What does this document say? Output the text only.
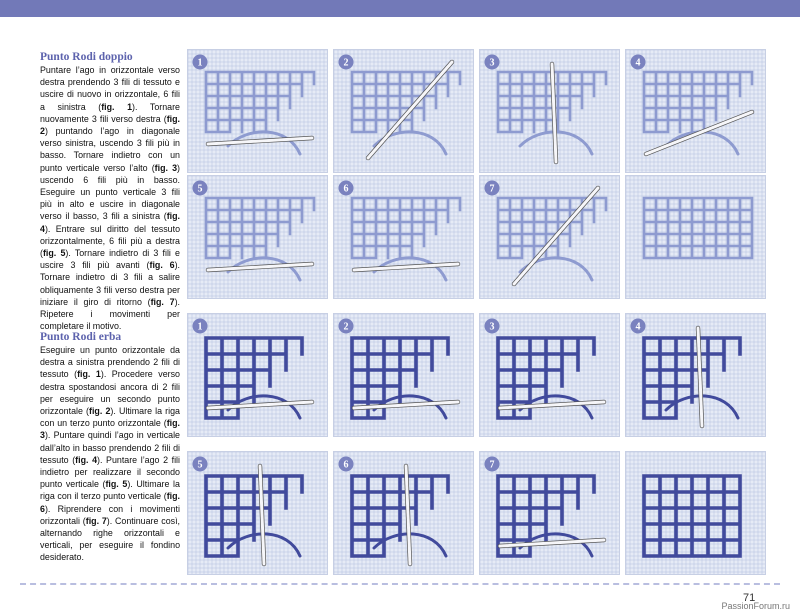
Punto Rodi doppio

Puntare l’ago in orizzontale verso destra prendendo 3 fili di tessuto e uscire di nuovo in orizzontale, 6 fili a sinistra (fig. 1). Tornare nuovamente 3 fili verso destra (fig. 2) puntando l’ago in diagonale verso sinistra, uscendo 3 fili più in basso. Tornare indietro con un punto verticale verso l’alto (fig. 3) uscendo 6 fili più in basso. Eseguire un punto verticale 3 fili più in alto e uscire in diagonale verso il basso, 3 fili a sinistra (fig. 4). Entrare sul diritto del tessuto orizzontalmente, 6 fili più a destra (fig. 5). Tornare indietro di 3 fili e uscire 3 fili più avanti (fig. 6). Tornare indietro di 3 fili a salire obliquamente 3 fili verso destra per iniziare il giro di ritorno (fig. 7). Ripetere i movimenti per completare il motivo.

Punto Rodi erba

Eseguire un punto orizzontale da destra a sinistra prendendo 2 fili di tessuto (fig. 1). Procedere verso destra spostandosi ancora di 2 fili per eseguire un secondo punto orizzontale (fig. 2). Ultimare la riga con un terzo punto orizzontale (fig. 3). Puntare quindi l’ago in verticale dall’alto in basso prendendo 2 fili di tessuto (fig. 4). Puntare l’ago 2 fili indietro per realizzare il secondo punto verticale (fig. 5). Ultimare la riga con il terzo punto verticale (fig. 6). Riprendere con i movimenti orizzontali (fig. 7). Continuare così, alternando righe orizzontali e verticali, per eseguire il fondino desiderato.

1	2	3	4
5	6	7
1	2	3	4
5	6	7
71
PassionForum.ru
